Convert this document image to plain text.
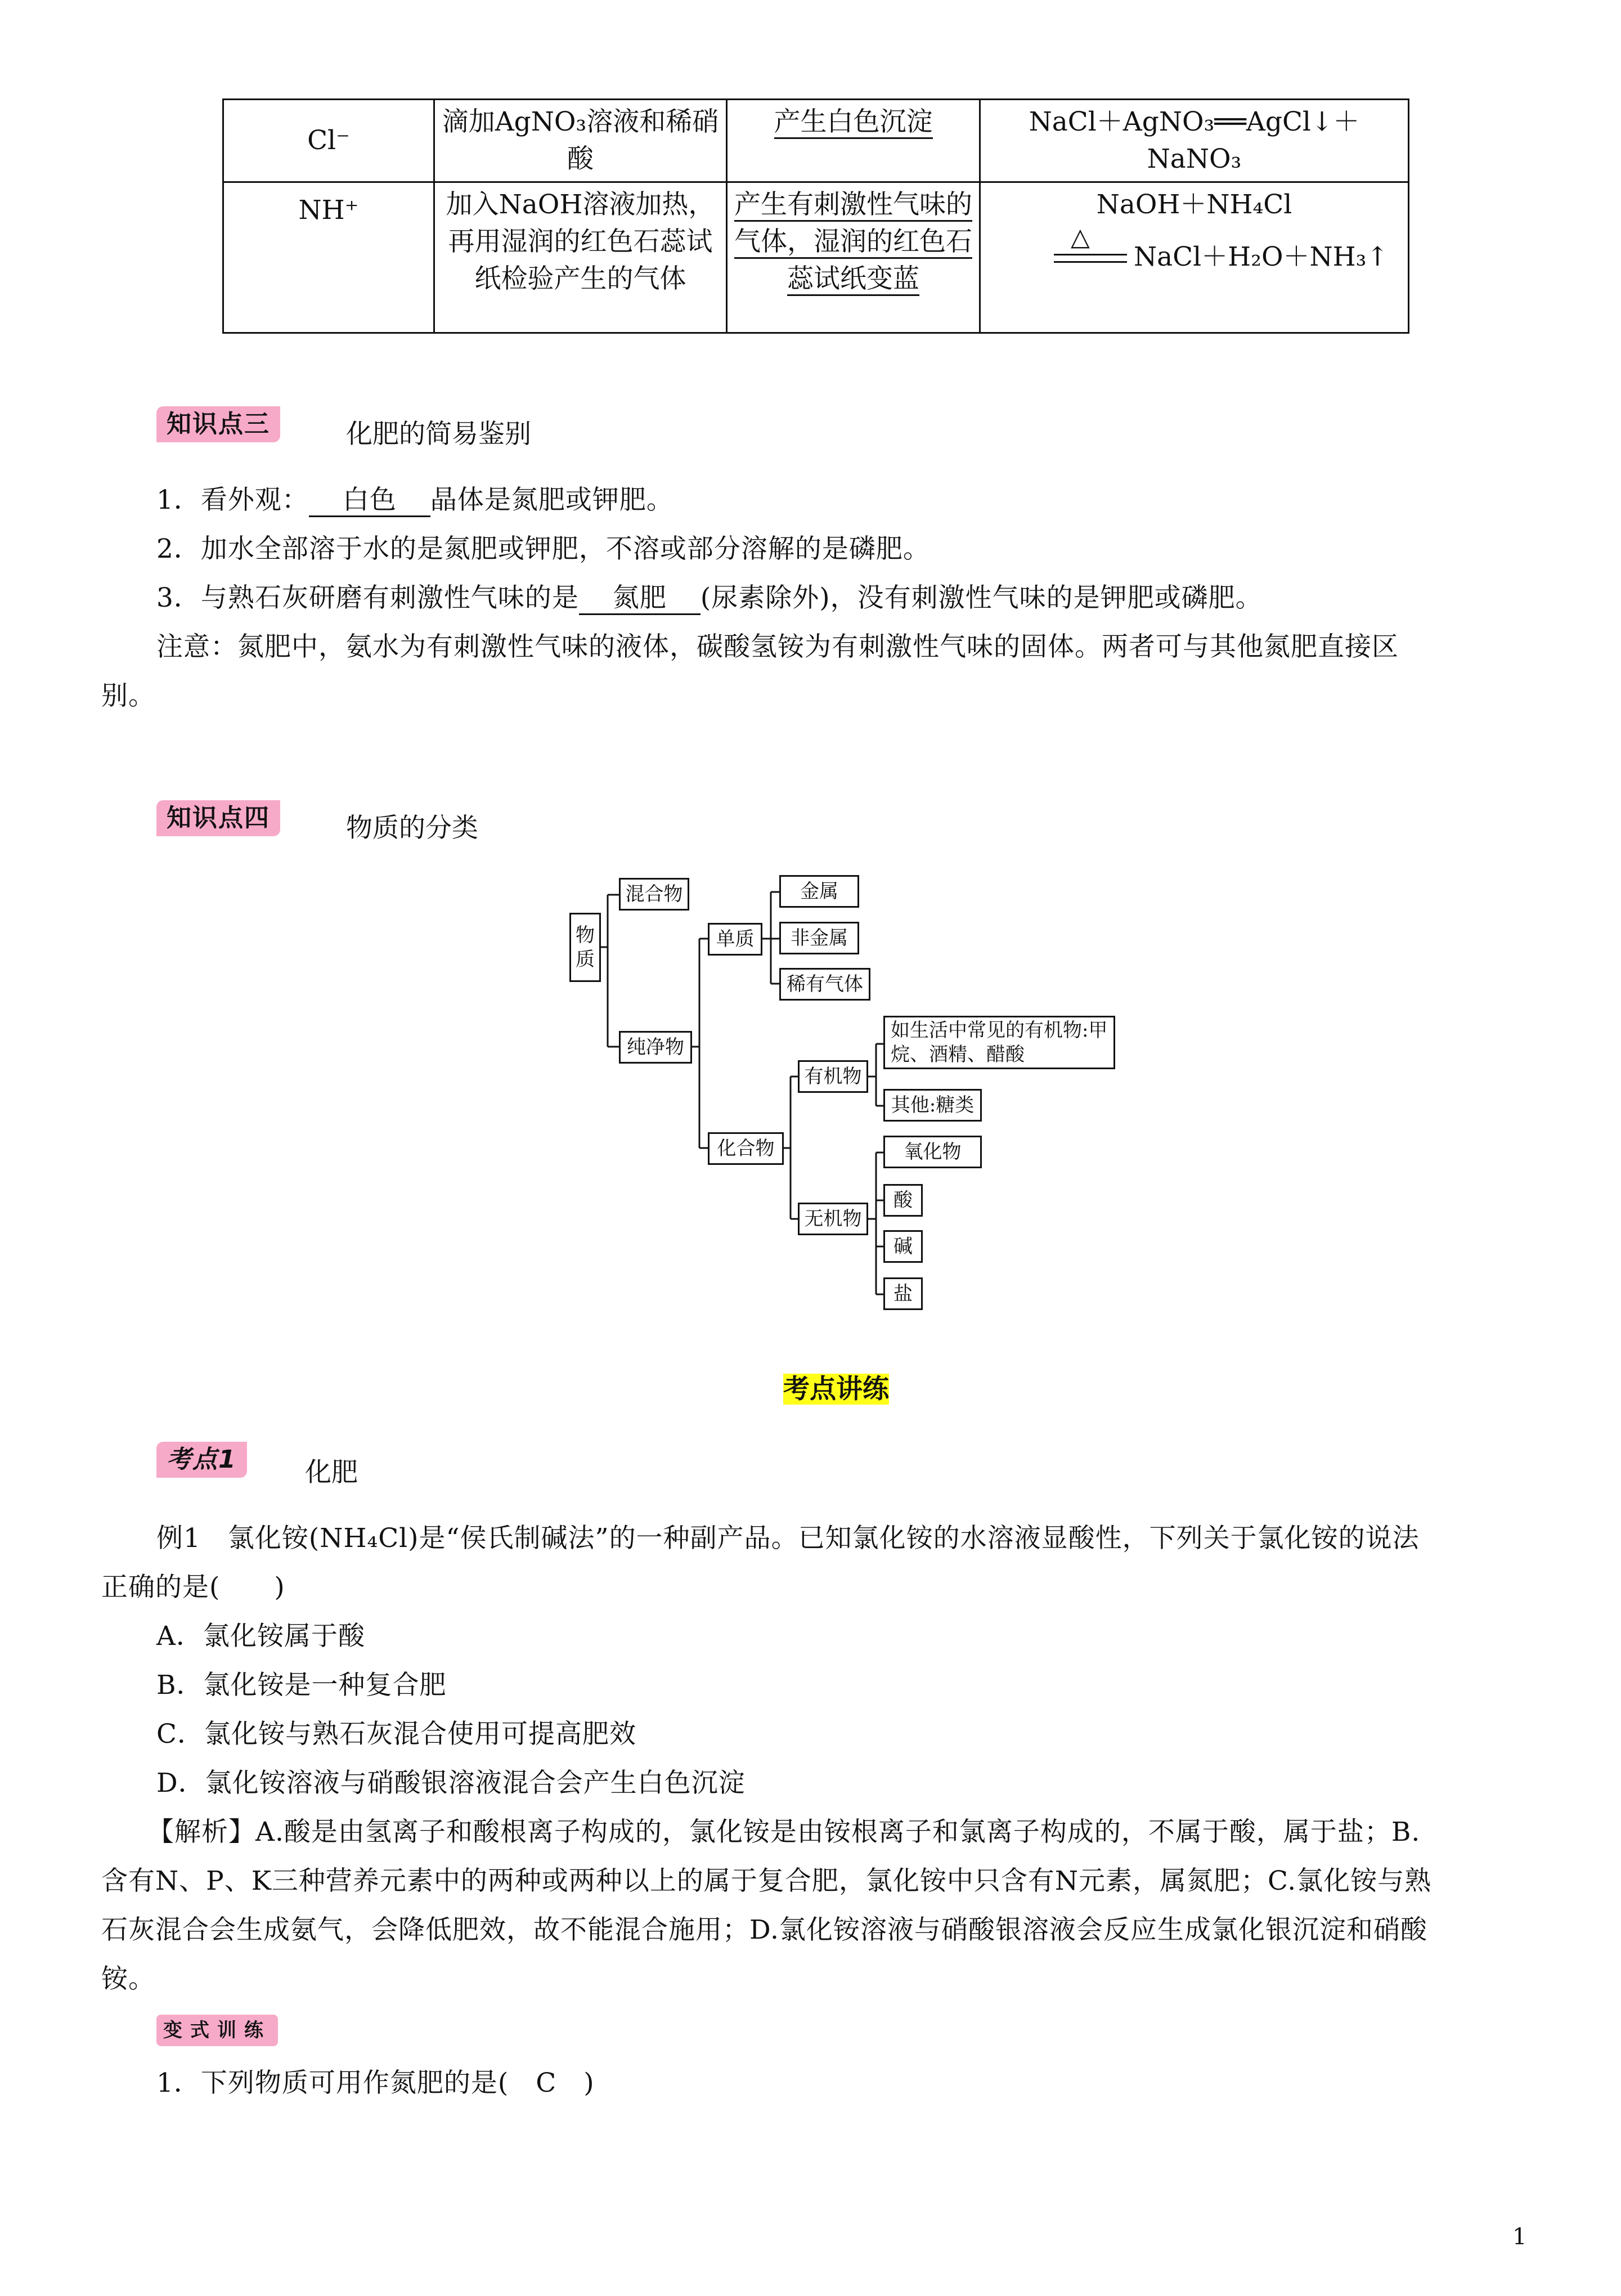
Cl⁻	滴加AgNO₃溶液和稀硝酸	产生白色沉淀	NaCl＋AgNO₃══AgCl↓＋NaNO₃
NH⁺	加入NaOH溶液加热，再用湿润的红色石蕊试纸检验产生的气体	产生有刺激性气味的气体，湿润的红色石蕊试纸变蓝	NaOH＋NH₄Cl
△
NaCl＋H₂O＋NH₃↑
知识点三	化肥的简易鉴别
1．看外观： 白色 晶体是氮肥或钾肥。
2．加水全部溶于水的是氮肥或钾肥，不溶或部分溶解的是磷肥。
3．与熟石灰研磨有刺激性气味的是 氮肥 (尿素除外)，没有刺激性气味的是钾肥或磷肥。
注意：氮肥中，氨水为有刺激性气味的液体，碳酸氢铵为有刺激性气味的固体。两者可与其他氮肥直接区
别。
知识点四	物质的分类
物质
混合物
纯净物
单质
金属
非金属
稀有气体
化合物
有机物
如生活中常见的有机物:甲烷、酒精、醋酸
其他:糖类
无机物
氧化物
酸
碱
盐
考点讲练
考点1	化肥
例1　氯化铵(NH₄Cl)是“侯氏制碱法”的一种副产品。已知氯化铵的水溶液显酸性，下列关于氯化铵的说法
正确的是(　　)
A．氯化铵属于酸
B．氯化铵是一种复合肥
C．氯化铵与熟石灰混合使用可提高肥效
D．氯化铵溶液与硝酸银溶液混合会产生白色沉淀
【解析】A.酸是由氢离子和酸根离子构成的，氯化铵是由铵根离子和氯离子构成的，不属于酸，属于盐；B.
含有N、P、K三种营养元素中的两种或两种以上的属于复合肥，氯化铵中只含有N元素，属氮肥；C.氯化铵与熟
石灰混合会生成氨气，会降低肥效，故不能混合施用；D.氯化铵溶液与硝酸银溶液会反应生成氯化银沉淀和硝酸
铵。
变式训练
1．下列物质可用作氮肥的是(　C　)
1
